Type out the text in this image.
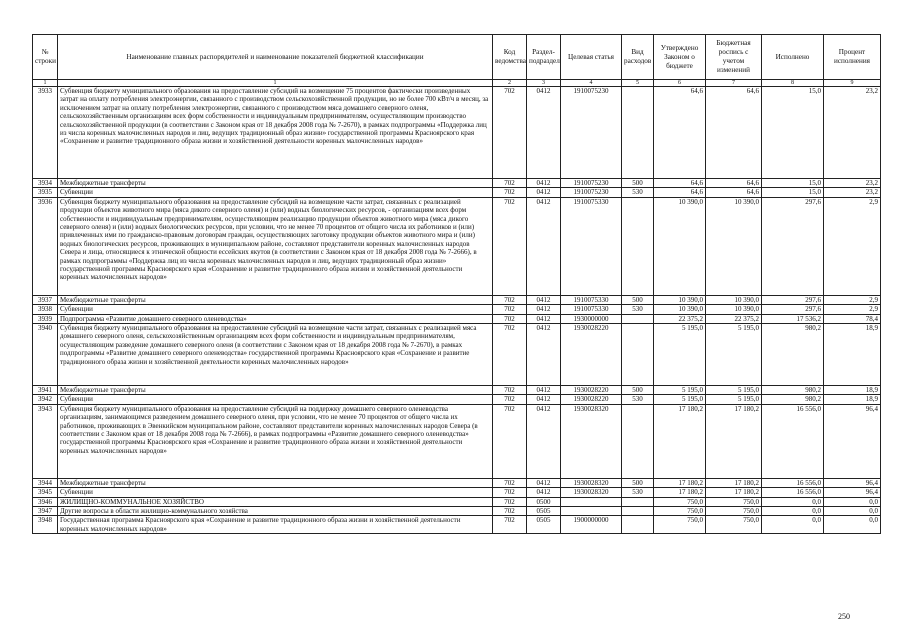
№ строки	Наименование главных распорядителей и наименование показателей бюджетной классификации	Код ведомства	Раздел-подраздел	Целевая статья	Вид расходов	Утверждено Законом о бюджете	Бюджетная роспись с учетом изменений	Исполнено	Процент исполнения
1	1	2	3	4	5	6	7	8	9
3933	Субвенция бюджету муниципального образования на предоставление субсидий на возмещение 75 процентов фактически произведенных затрат на оплату потребления электроэнергии, связанного с производством сельскохозяйственной продукции, но не более 700 кВт/ч в месяц, за исключением затрат на оплату потребления электроэнергии, связанного с производством мяса домашнего северного оленя, сельскохозяйственным организациям всех форм собственности и индивидуальным предпринимателям, осуществляющим производство сельскохозяйственной продукции (в соответствии с Законом края от 18 декабря 2008 года № 7-2670), в рамках подпрограммы «Поддержка лиц из числа коренных малочисленных народов и лиц, ведущих традиционный образ жизни» государственной программы Красноярского края «Сохранение и развитие традиционного образа жизни и хозяйственной деятельности коренных малочисленных народов»	702	0412	1910075230		64,6	64,6	15,0	23,2
3934	Межбюджетные трансферты	702	0412	1910075230	500	64,6	64,6	15,0	23,2
3935	Субвенции	702	0412	1910075230	530	64,6	64,6	15,0	23,2
3936	Субвенция бюджету муниципального образования на предоставление субсидий на возмещение части затрат, связанных с реализацией продукции объектов животного мира (мяса дикого северного оленя) и (или) водных биологических ресурсов, - организациям всех форм собственности и индивидуальным предпринимателям, осуществляющим реализацию продукции объектов животного мира (мяса дикого северного оленя) и (или) водных биологических ресурсов, при условии, что не менее 70 процентов от общего числа их работников и (или) привлеченных ими по гражданско-правовым договорам граждан, осуществляющих заготовку продукции объектов животного мира и (или) водных биологических ресурсов, проживающих в муниципальном районе, составляют представители коренных малочисленных народов Севера и лица, относящиеся к этнической общности ессейских якутов (в соответствии с Законом края от 18 декабря 2008 года № 7-2666), в рамках подпрограммы «Поддержка лиц из числа коренных малочисленных народов и лиц, ведущих традиционный образ жизни» государственной программы Красноярского края «Сохранение и развитие традиционного образа жизни и хозяйственной деятельности коренных малочисленных народов»	702	0412	1910075330		10 390,0	10 390,0	297,6	2,9
3937	Межбюджетные трансферты	702	0412	1910075330	500	10 390,0	10 390,0	297,6	2,9
3938	Субвенции	702	0412	1910075330	530	10 390,0	10 390,0	297,6	2,9
3939	Подпрограмма «Развитие домашнего северного оленеводства»	702	0412	1930000000		22 375,2	22 375,2	17 536,2	78,4
3940	Субвенция бюджету муниципального образования на предоставление субсидий на возмещение части затрат, связанных с реализацией мяса домашнего северного оленя, сельскохозяйственным организациям всех форм собственности и индивидуальным предпринимателям, осуществляющим разведение домашнего северного оленя (в соответствии с Законом края от 18 декабря 2008 года № 7-2670), в рамках подпрограммы «Развитие домашнего северного оленеводства» государственной программы Красноярского края «Сохранение и развитие традиционного образа жизни и хозяйственной деятельности коренных малочисленных народов»	702	0412	1930028220		5 195,0	5 195,0	980,2	18,9
3941	Межбюджетные трансферты	702	0412	1930028220	500	5 195,0	5 195,0	980,2	18,9
3942	Субвенции	702	0412	1930028220	530	5 195,0	5 195,0	980,2	18,9
3943	Субвенция бюджету муниципального образования на предоставление субсидий на поддержку домашнего северного оленеводства организациям, занимающимся разведением домашнего северного оленя, при условии, что не менее 70 процентов от общего числа их работников, проживающих в Эвенкийском муниципальном районе, составляют представители коренных малочисленных народов Севера (в соответствии с Законом края от 18 декабря 2008 года № 7-2666), в рамках подпрограммы «Развитие домашнего северного оленеводства» государственной программы Красноярского края «Сохранение и развитие традиционного образа жизни и хозяйственной деятельности коренных малочисленных народов»	702	0412	1930028320		17 180,2	17 180,2	16 556,0	96,4
3944	Межбюджетные трансферты	702	0412	1930028320	500	17 180,2	17 180,2	16 556,0	96,4
3945	Субвенции	702	0412	1930028320	530	17 180,2	17 180,2	16 556,0	96,4
3946	ЖИЛИЩНО-КОММУНАЛЬНОЕ ХОЗЯЙСТВО	702	0500			750,0	750,0	0,0	0,0
3947	Другие вопросы в области жилищно-коммунального хозяйства	702	0505			750,0	750,0	0,0	0,0
3948	Государственная программа Красноярского края «Сохранение и развитие традиционного образа жизни и хозяйственной деятельности коренных малочисленных народов»	702	0505	1900000000		750,0	750,0	0,0	0,0
250
